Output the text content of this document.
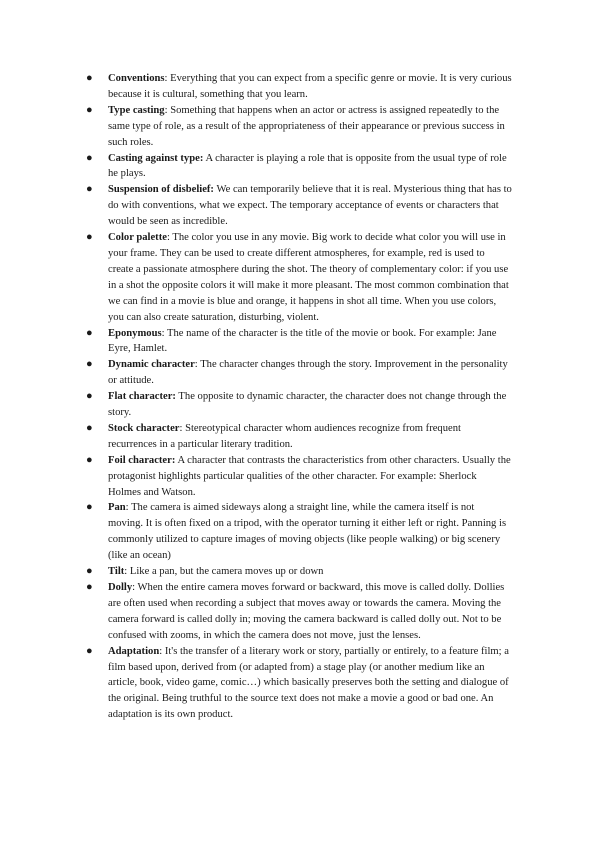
● Conventions: Everything that you can expect from a specific genre or movie. It is very curious because it is cultural, something that you learn.
● Type casting: Something that happens when an actor or actress is assigned repeatedly to the same type of role, as a result of the appropriateness of their appearance or previous success in such roles.
● Casting against type: A character is playing a role that is opposite from the usual type of role he plays.
● Suspension of disbelief: We can temporarily believe that it is real. Mysterious thing that has to do with conventions, what we expect. The temporary acceptance of events or characters that would be seen as incredible.
● Color palette: The color you use in any movie. Big work to decide what color you will use in your frame. They can be used to create different atmospheres, for example, red is used to create a passionate atmosphere during the shot. The theory of complementary color: if you use in a shot the opposite colors it will make it more pleasant. The most common combination that we can find in a movie is blue and orange, it happens in shot all time. When you use colors, you can also create saturation, disturbing, violent.
● Eponymous: The name of the character is the title of the movie or book. For example: Jane Eyre, Hamlet.
● Dynamic character: The character changes through the story. Improvement in the personality or attitude.
● Flat character: The opposite to dynamic character, the character does not change through the story.
● Stock character: Stereotypical character whom audiences recognize from frequent recurrences in a particular literary tradition.
● Foil character: A character that contrasts the characteristics from other characters. Usually the protagonist highlights particular qualities of the other character. For example: Sherlock Holmes and Watson.
● Pan: The camera is aimed sideways along a straight line, while the camera itself is not moving. It is often fixed on a tripod, with the operator turning it either left or right. Panning is commonly utilized to capture images of moving objects (like people walking) or big scenery (like an ocean)
● Tilt: Like a pan, but the camera moves up or down
● Dolly: When the entire camera moves forward or backward, this move is called dolly. Dollies are often used when recording a subject that moves away or towards the camera. Moving the camera forward is called dolly in; moving the camera backward is called dolly out. Not to be confused with zooms, in which the camera does not move, just the lenses.
● Adaptation: It's the transfer of a literary work or story, partially or entirely, to a feature film; a film based upon, derived from (or adapted from) a stage play (or another medium like an article, book, video game, comic…) which basically preserves both the setting and dialogue of the original. Being truthful to the source text does not make a movie a good or bad one. An adaptation is its own product.
